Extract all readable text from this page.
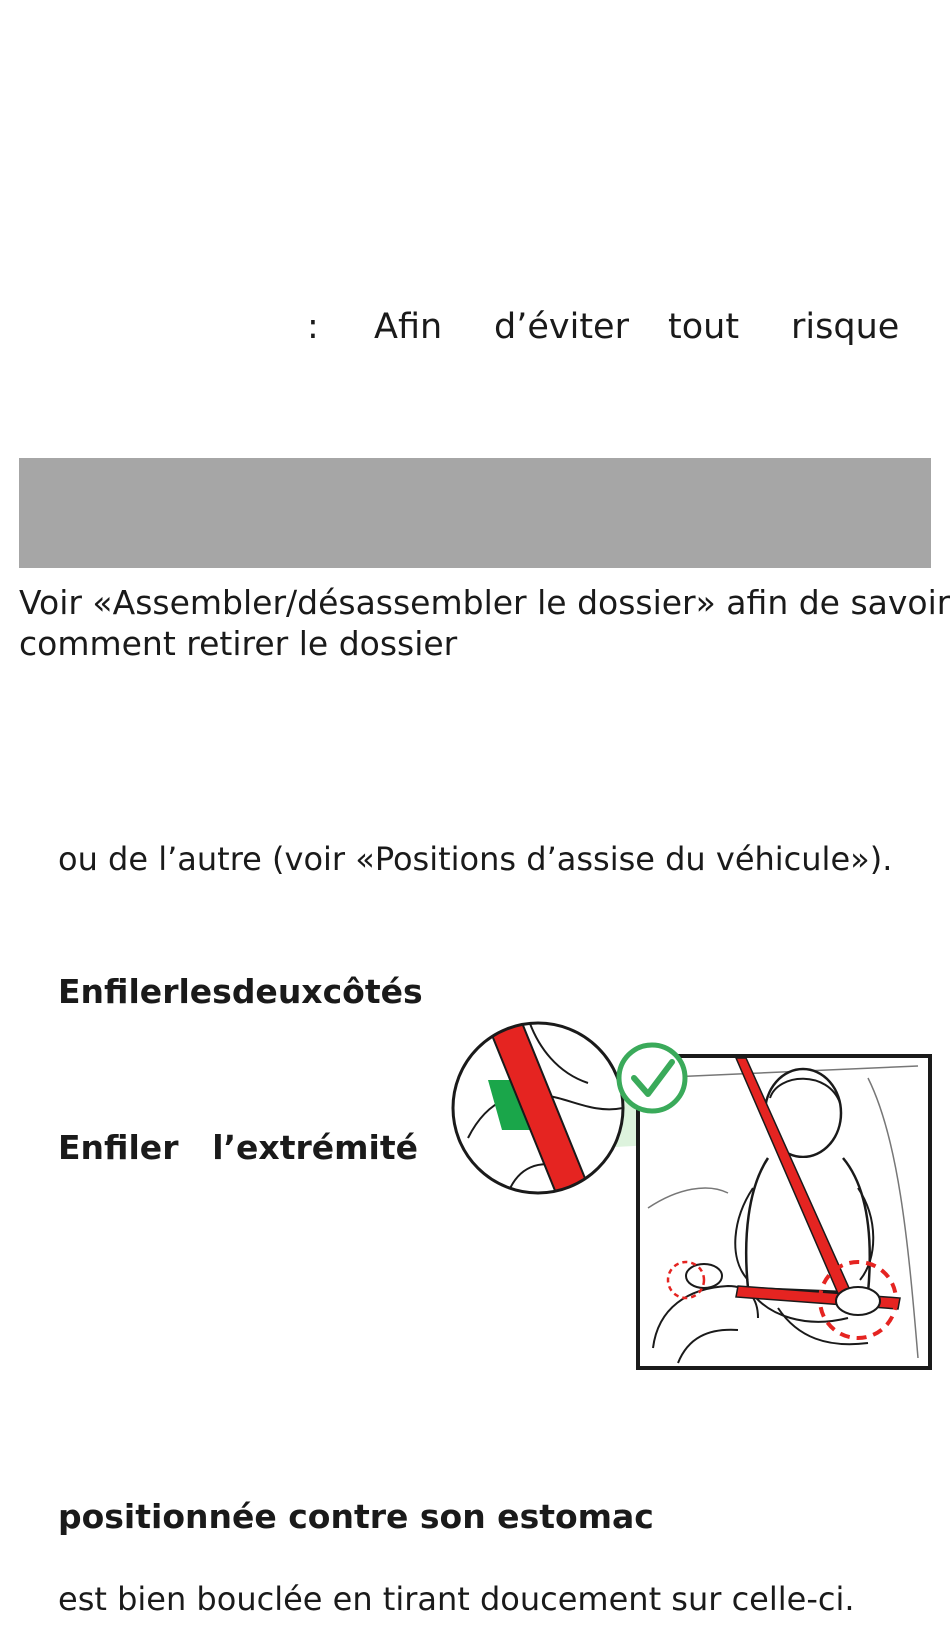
: Afin d’éviter tout risque
Voir «Assembler/désassembler le dossier» afin de savoir
comment retirer le dossier
ou de l’autre (voir «Positions d’assise du véhicule»).
Enfiler les deux côtés
Enfiler l’extrémité
positionnée contre son estomac
est bien bouclée en tirant doucement sur celle-ci.
